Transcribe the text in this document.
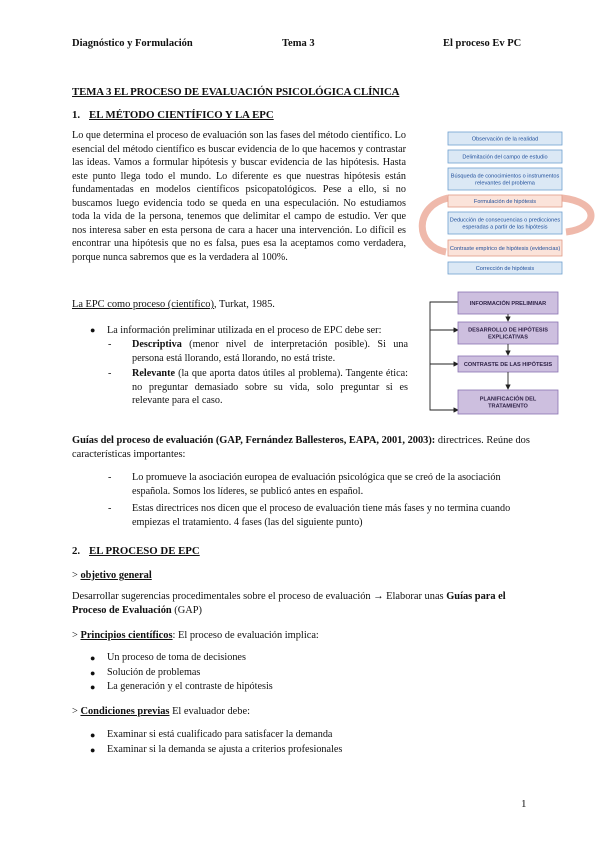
Diagnóstico y Formulación	Tema 3	El proceso Ev PC
TEMA 3 EL PROCESO DE EVALUACIÓN PSICOLÓGICA CLÍNICA
1. EL MÉTODO CIENTÍFICO Y LA EPC
Lo que determina el proceso de evaluación son las fases del método científico. Lo esencial del método científico es buscar evidencia de lo que hacemos y contrastar las ideas. Vamos a formular hipótesis y buscar evidencia de las hipótesis. Hasta este punto llega todo el mundo. Lo diferente es que nuestras hipótesis están fundamentadas en modelos científicos psicopatológicos. Pese a ello, si no buscamos luego evidencia todo se queda en una especulación. No estudiamos toda la vida de la persona, tenemos que delimitar el campo de estudio. Ver que nos interesa saber en esta persona de cara a hacer una intervención. Lo difícil es encontrar una hipótesis que no es falsa, pues esa la aceptamos como verdadera, porque nunca sabremos que es la verdadera al 100%.
La EPC como proceso (científico), Turkat, 1985.
● La información preliminar utilizada en el proceso de EPC debe ser:
- Descriptiva (menor nivel de interpretación posible). Si una persona está llorando, está llorando, no está triste.
- Relevante (la que aporta datos útiles al problema). Tangente ética: no preguntar demasiado sobre su vida, solo preguntar si es relevante para el caso.
Guías del proceso de evaluación (GAP, Fernández Ballesteros, EAPA, 2001, 2003): directrices. Reúne dos características importantes:
- Lo promueve la asociación europea de evaluación psicológica que se creó de la asociación española. Somos los líderes, se publicó antes en español.
- Estas directrices nos dicen que el proceso de evaluación tiene más fases y no termina cuando empiezas el tratamiento. 4 fases (las del siguiente punto)
2. EL PROCESO DE EPC
> objetivo general
Desarrollar sugerencias procedimentales sobre el proceso de evaluación → Elaborar unas Guías para el Proceso de Evaluación (GAP)
> Principios científicos: El proceso de evaluación implica:
● Un proceso de toma de decisiones
● Solución de problemas
● La generación y el contraste de hipótesis
> Condiciones previas El evaluador debe:
● Examinar si está cualificado para satisfacer la demanda
● Examinar si la demanda se ajusta a criterios profesionales
1
Observación de la realidad
Delimitación del campo de estudio
Búsqueda de conocimientos o instrumentos
relevantes del problema
Formulación de hipótesis
Deducción de consecuencias o predicciones
esperadas a partir de las hipótesis
Contraste empírico de hipótesis (evidencias)
Corrección de hipótesis
INFORMACIÓN PRELIMINAR
DESARROLLO DE HIPÓTESIS
EXPLICATIVAS
CONTRASTE DE LAS HIPÓTESIS
PLANIFICACIÓN DEL
TRATAMIENTO
